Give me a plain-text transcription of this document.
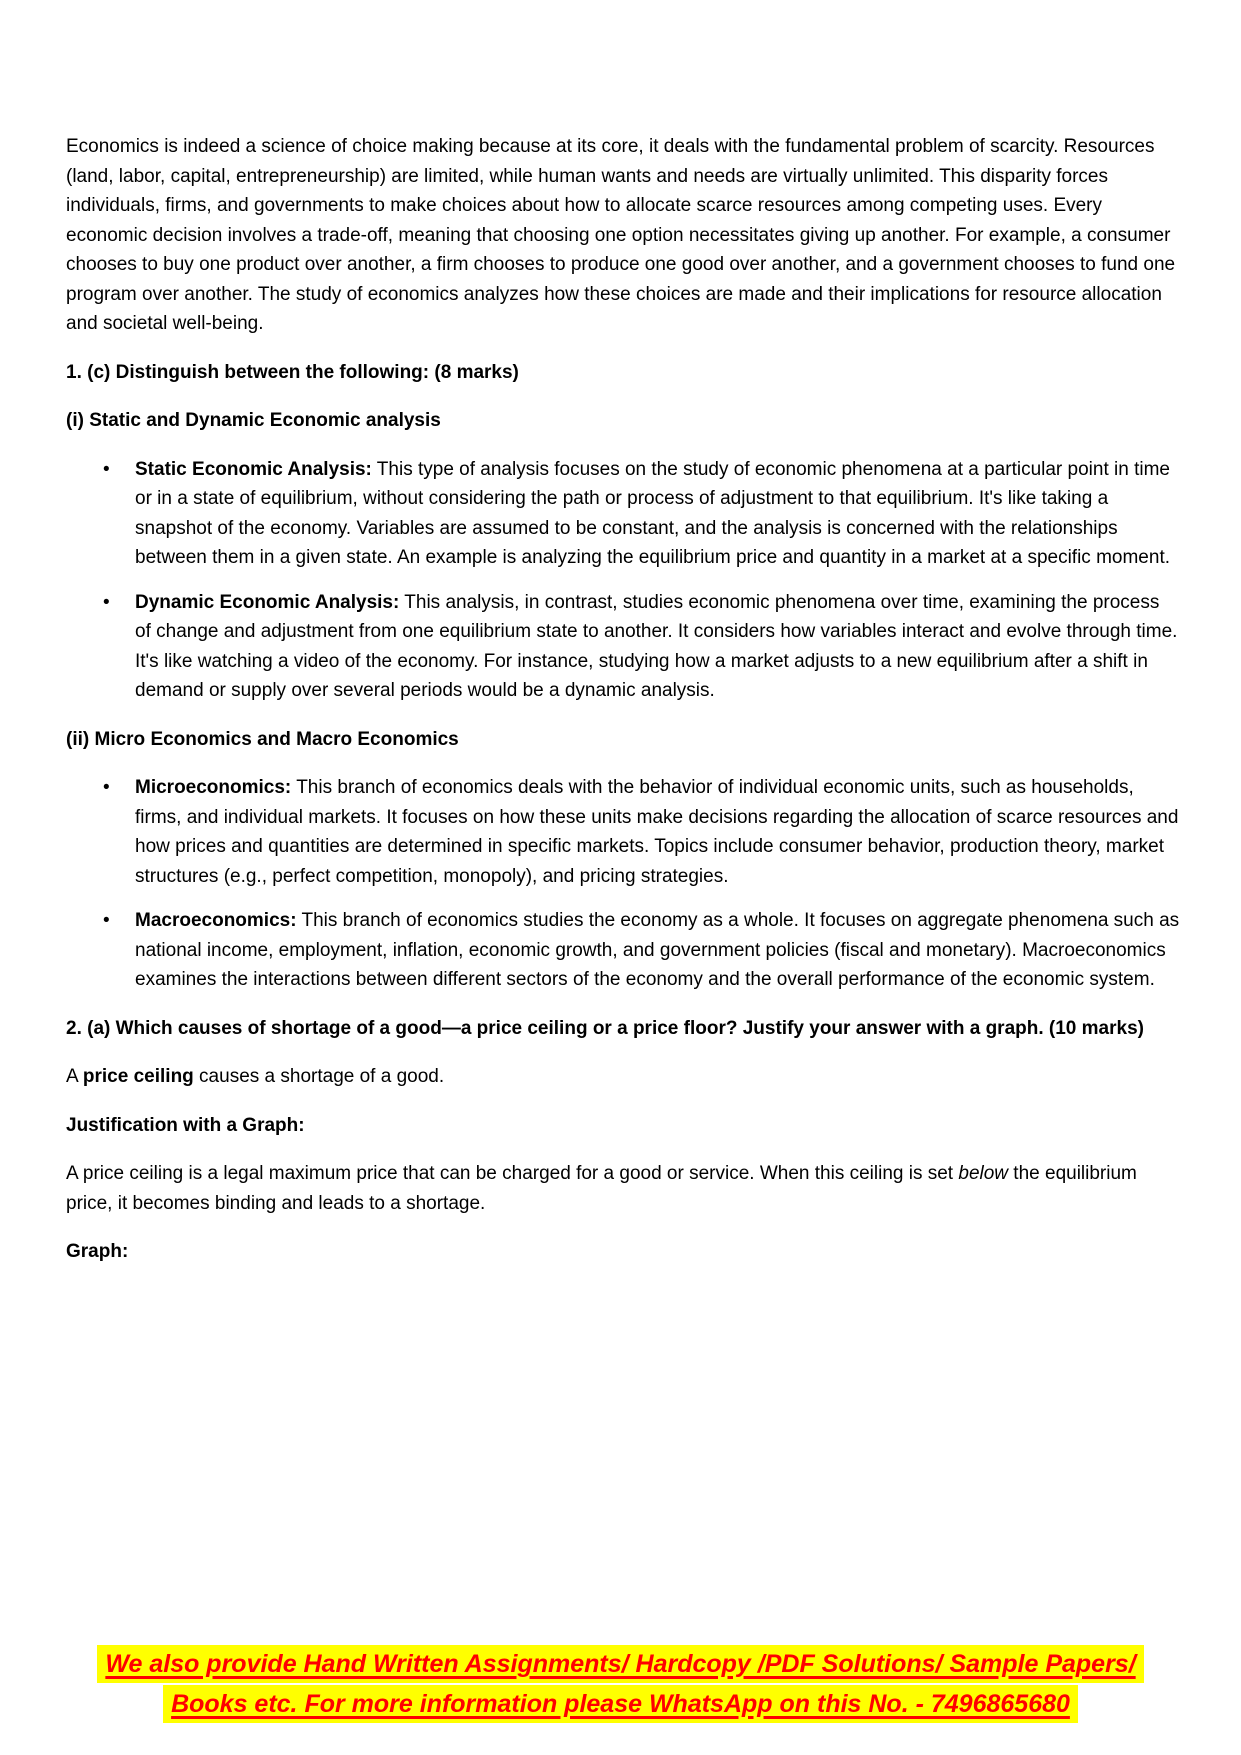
Economics is indeed a science of choice making because at its core, it deals with the fundamental problem of scarcity. Resources (land, labor, capital, entrepreneurship) are limited, while human wants and needs are virtually unlimited. This disparity forces individuals, firms, and governments to make choices about how to allocate scarce resources among competing uses. Every economic decision involves a trade-off, meaning that choosing one option necessitates giving up another. For example, a consumer chooses to buy one product over another, a firm chooses to produce one good over another, and a government chooses to fund one program over another. The study of economics analyzes how these choices are made and their implications for resource allocation and societal well-being.

1. (c) Distinguish between the following: (8 marks)
(i) Static and Dynamic Economic analysis
• Static Economic Analysis: This type of analysis focuses on the study of economic phenomena at a particular point in time or in a state of equilibrium, without considering the path or process of adjustment to that equilibrium. It's like taking a snapshot of the economy. Variables are assumed to be constant, and the analysis is concerned with the relationships between them in a given state. An example is analyzing the equilibrium price and quantity in a market at a specific moment.
• Dynamic Economic Analysis: This analysis, in contrast, studies economic phenomena over time, examining the process of change and adjustment from one equilibrium state to another. It considers how variables interact and evolve through time. It's like watching a video of the economy. For instance, studying how a market adjusts to a new equilibrium after a shift in demand or supply over several periods would be a dynamic analysis.
(ii) Micro Economics and Macro Economics
• Microeconomics: This branch of economics deals with the behavior of individual economic units, such as households, firms, and individual markets. It focuses on how these units make decisions regarding the allocation of scarce resources and how prices and quantities are determined in specific markets. Topics include consumer behavior, production theory, market structures (e.g., perfect competition, monopoly), and pricing strategies.
• Macroeconomics: This branch of economics studies the economy as a whole. It focuses on aggregate phenomena such as national income, employment, inflation, economic growth, and government policies (fiscal and monetary). Macroeconomics examines the interactions between different sectors of the economy and the overall performance of the economic system.
2. (a) Which causes of shortage of a good—a price ceiling or a price floor? Justify your answer with a graph. (10 marks)

A price ceiling causes a shortage of a good.

Justification with a Graph:

A price ceiling is a legal maximum price that can be charged for a good or service. When this ceiling is set below the equilibrium price, it becomes binding and leads to a shortage.

Graph:
We also provide Hand Written Assignments/ Hardcopy /PDF Solutions/ Sample Papers/
Books etc. For more information please WhatsApp on this No. - 7496865680
